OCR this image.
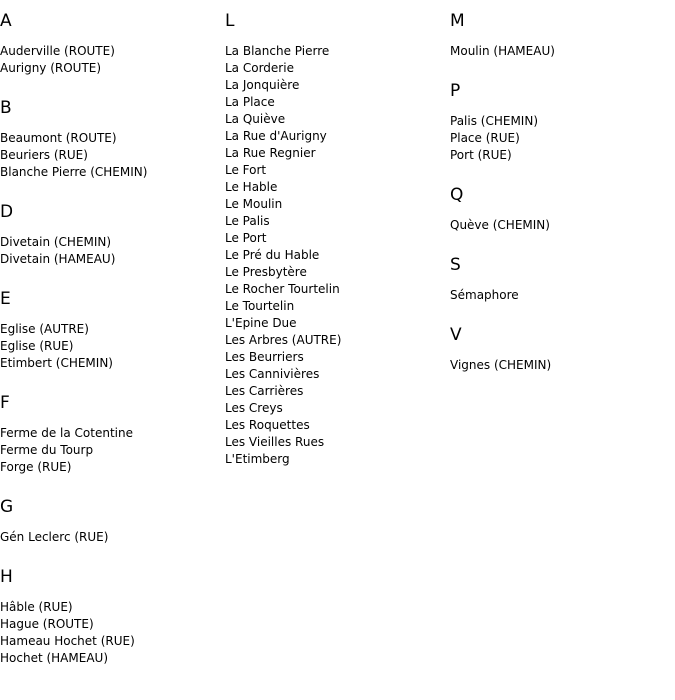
A
Auderville (ROUTE)
Aurigny (ROUTE)
B
Beaumont (ROUTE)
Beuriers (RUE)
Blanche Pierre (CHEMIN)
D
Divetain (CHEMIN)
Divetain (HAMEAU)
E
Eglise (AUTRE)
Eglise (RUE)
Etimbert (CHEMIN)
F
Ferme de la Cotentine
Ferme du Tourp
Forge (RUE)
G
Gén Leclerc (RUE)
H
Hâble (RUE)
Hague (ROUTE)
Hameau Hochet (RUE)
Hochet (HAMEAU)
L
La Blanche Pierre
La Corderie
La Jonquière
La Place
La Quiève
La Rue d'Aurigny
La Rue Regnier
Le Fort
Le Hable
Le Moulin
Le Palis
Le Port
Le Pré du Hable
Le Presbytère
Le Rocher Tourtelin
Le Tourtelin
L'Epine Due
Les Arbres (AUTRE)
Les Beurriers
Les Cannivières
Les Carrières
Les Creys
Les Roquettes
Les Vieilles Rues
L'Etimberg
M
Moulin (HAMEAU)
P
Palis (CHEMIN)
Place (RUE)
Port (RUE)
Q
Quève (CHEMIN)
S
Sémaphore
V
Vignes (CHEMIN)
